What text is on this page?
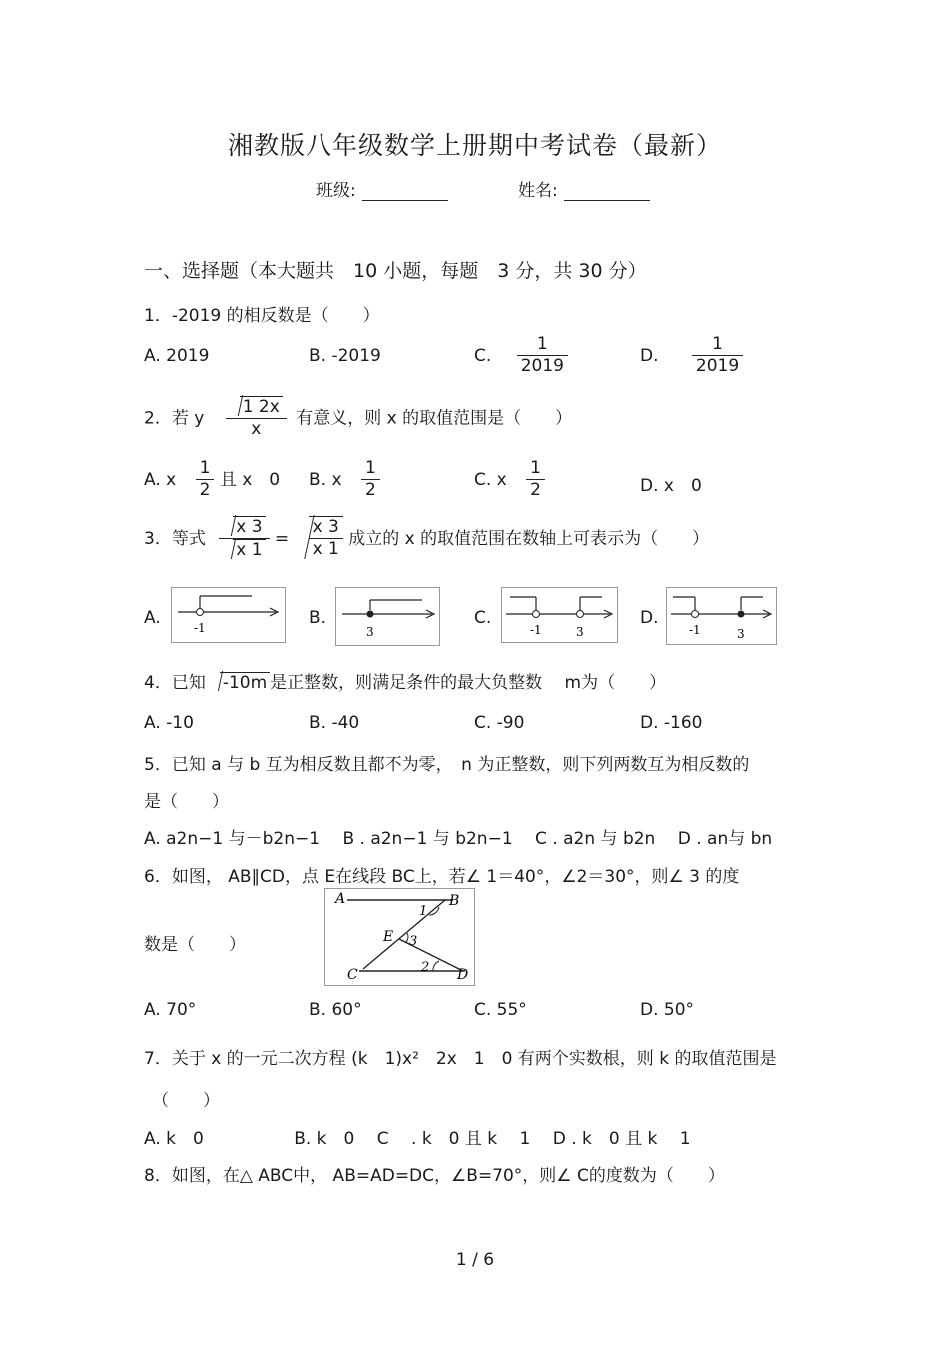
湘教版八年级数学上册期中考试卷（最新）
班级:	姓名:
一、选择题（本大题共　10 小题，每题　3 分，共 30 分）
1．-2019 的相反数是（　　）
A. 2019	B. -2019	C. $\frac{1}{2019}$	D. $\frac{1}{2019}$
2．若 y $\frac{1 2x}{x}$ 有意义，则 x 的取值范围是（　　）
A. x $\frac{1}{2}$ 且 x　0 B. x $\frac{1}{2}$	C. x $\frac{1}{2}$	D. x　0
3．等式 $\frac{x 3}{x 1} = \frac{x 3}{x 1}$ 成立的 x 的取值范围在数轴上可表示为（　　）
A.	-1	B.
3
C.
-1	3
D.
-1	3
4．已知 -10m 是正整数，则满足条件的最大负整数　 m为（　　）
A. -10	B. -40	C. -90	D. -160
5．已知 a 与 b 互为相反数且都不为零，　n 为正整数，则下列两数互为相反数的
是（　　）
A. a2n−1 与－b2n−1　 B . a2n−1 与 b2n−1　 C . a2n 与 b2n　 D . an与 bn
6．如图， AB∥CD，点 E在线段 BC上，若∠ 1＝40°，∠2＝30°，则∠ 3 的度
数是（　　）
A	B
C	D
E
1
2
3
A. 70°	B. 60°	C. 55°	D. 50°
7．关于 x 的一元二次方程 (k　1)x²　2x　1　0 有两个实数根，则 k 的取值范围是
（　　）
A. k　0　　　　　 B. k　0　 C　 . k　0 且 k　 1　 D . k　0 且 k　 1
8．如图，在△ ABC中， AB=AD=DC，∠B=70°，则∠ C的度数为（　　）
1 / 6
